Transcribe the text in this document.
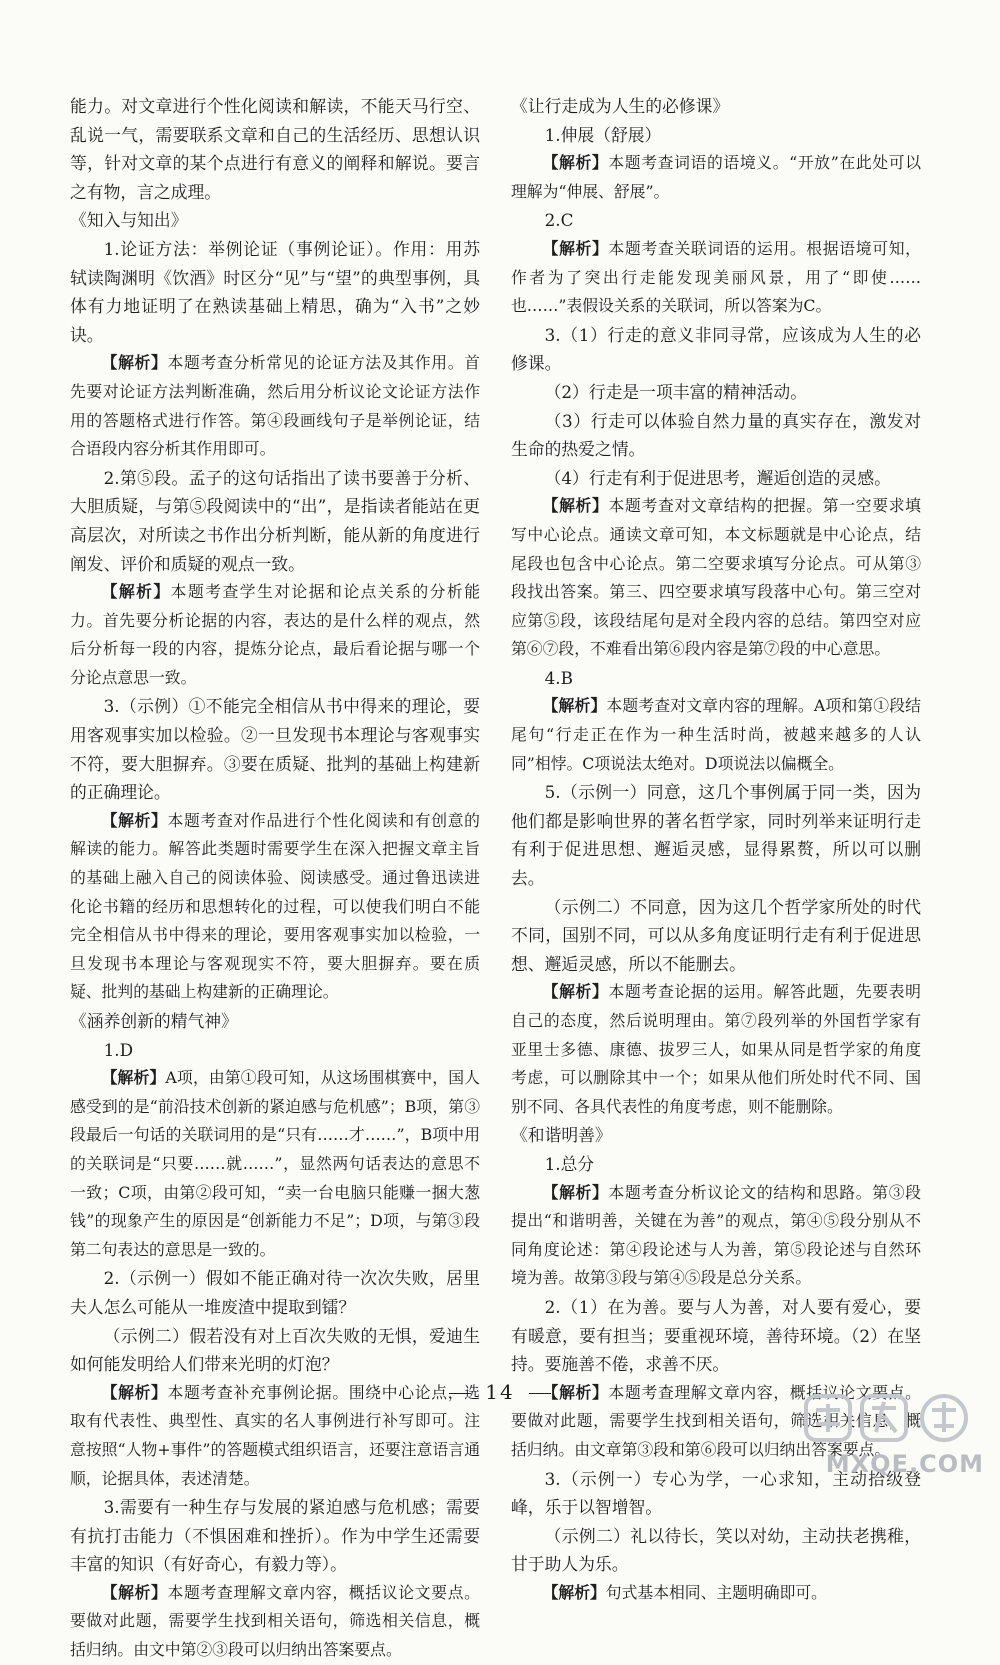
能力。对文章进行个性化阅读和解读，不能天马行空、乱说一气，需要联系文章和自己的生活经历、思想认识等，针对文章的某个点进行有意义的阐释和解说。要言之有物，言之成理。

《知入与知出》

1.论证方法：举例论证（事例论证）。作用：用苏轼读陶渊明《饮酒》时区分“见”与“望”的典型事例，具体有力地证明了在熟读基础上精思，确为“入书”之妙诀。

【解析】本题考查分析常见的论证方法及其作用。首先要对论证方法判断准确，然后用分析议论文论证方法作用的答题格式进行作答。第④段画线句子是举例论证，结合语段内容分析其作用即可。

2.第⑤段。孟子的这句话指出了读书要善于分析、大胆质疑，与第⑤段阅读中的“出”，是指读者能站在更高层次，对所读之书作出分析判断，能从新的角度进行阐发、评价和质疑的观点一致。

【解析】本题考查学生对论据和论点关系的分析能力。首先要分析论据的内容，表达的是什么样的观点，然后分析每一段的内容，提炼分论点，最后看论据与哪一个分论点意思一致。

3.（示例）①不能完全相信从书中得来的理论，要用客观事实加以检验。②一旦发现书本理论与客观事实不符，要大胆摒弃。③要在质疑、批判的基础上构建新的正确理论。

【解析】本题考查对作品进行个性化阅读和有创意的解读的能力。解答此类题时需要学生在深入把握文章主旨的基础上融入自己的阅读体验、阅读感受。通过鲁迅读进化论书籍的经历和思想转化的过程，可以使我们明白不能完全相信从书中得来的理论，要用客观事实加以检验，一旦发现书本理论与客观现实不符，要大胆摒弃。要在质疑、批判的基础上构建新的正确理论。

《涵养创新的精气神》

1.D

【解析】A项，由第①段可知，从这场围棋赛中，国人感受到的是“前沿技术创新的紧迫感与危机感”；B项，第③段最后一句话的关联词用的是“只有……才……”，B项中用的关联词是“只要……就……”，显然两句话表达的意思不一致；C项，由第②段可知，“卖一台电脑只能赚一捆大葱钱”的现象产生的原因是“创新能力不足”；D项，与第③段第二句表达的意思是一致的。

2.（示例一）假如不能正确对待一次次失败，居里夫人怎么可能从一堆废渣中提取到镭？

（示例二）假若没有对上百次失败的无惧，爱迪生如何能发明给人们带来光明的灯泡？

【解析】本题考查补充事例论据。围绕中心论点，选取有代表性、典型性、真实的名人事例进行补写即可。注意按照“人物+事件”的答题模式组织语言，还要注意语言通顺，论据具体，表述清楚。

3.需要有一种生存与发展的紧迫感与危机感；需要有抗打击能力（不惧困难和挫折）。作为中学生还需要丰富的知识（有好奇心，有毅力等）。

【解析】本题考查理解文章内容，概括议论文要点。要做对此题，需要学生找到相关语句，筛选相关信息，概括归纳。由文中第②③段可以归纳出答案要点。

《让行走成为人生的必修课》

1.伸展（舒展）

【解析】本题考查词语的语境义。“开放”在此处可以理解为“伸展、舒展”。

2.C

【解析】本题考查关联词语的运用。根据语境可知，作者为了突出行走能发现美丽风景，用了“即使……也……”表假设关系的关联词，所以答案为C。

3.（1）行走的意义非同寻常，应该成为人生的必修课。

（2）行走是一项丰富的精神活动。

（3）行走可以体验自然力量的真实存在，激发对生命的热爱之情。

（4）行走有利于促进思考，邂逅创造的灵感。

【解析】本题考查对文章结构的把握。第一空要求填写中心论点。通读文章可知，本文标题就是中心论点，结尾段也包含中心论点。第二空要求填写分论点。可从第③段找出答案。第三、四空要求填写段落中心句。第三空对应第⑤段，该段结尾句是对全段内容的总结。第四空对应第⑥⑦段，不难看出第⑥段内容是第⑦段的中心意思。

4.B

【解析】本题考查对文章内容的理解。A项和第①段结尾句“行走正在作为一种生活时尚，被越来越多的人认同”相悖。C项说法太绝对。D项说法以偏概全。

5.（示例一）同意，这几个事例属于同一类，因为他们都是影响世界的著名哲学家，同时列举来证明行走有利于促进思想、邂逅灵感，显得累赘，所以可以删去。

（示例二）不同意，因为这几个哲学家所处的时代不同，国别不同，可以从多角度证明行走有利于促进思想、邂逅灵感，所以不能删去。

【解析】本题考查论据的运用。解答此题，先要表明自己的态度，然后说明理由。第⑦段列举的外国哲学家有亚里士多德、康德、拔罗三人，如果从同是哲学家的角度考虑，可以删除其中一个；如果从他们所处时代不同、国别不同、各具代表性的角度考虑，则不能删除。

《和谐明善》

1.总分

【解析】本题考查分析议论文的结构和思路。第③段提出“和谐明善，关键在为善”的观点，第④⑤段分别从不同角度论述：第④段论述与人为善，第⑤段论述与自然环境为善。故第③段与第④⑤段是总分关系。

2.（1）在为善。要与人为善，对人要有爱心，要有暖意，要有担当；要重视环境，善待环境。（2）在坚持。要施善不倦，求善不厌。

【解析】本题考查理解文章内容，概括议论文要点。要做对此题，需要学生找到相关语句，筛选相关信息，概括归纳。由文章第③段和第⑥段可以归纳出答案要点。

3.（示例一）专心为学，一心求知，主动拾级登峰，乐于以智增智。

（示例二）礼以待长，笑以对幼，主动扶老携稚，甘于助人为乐。

【解析】句式基本相同、主题明确即可。

14
MXQE.COM
